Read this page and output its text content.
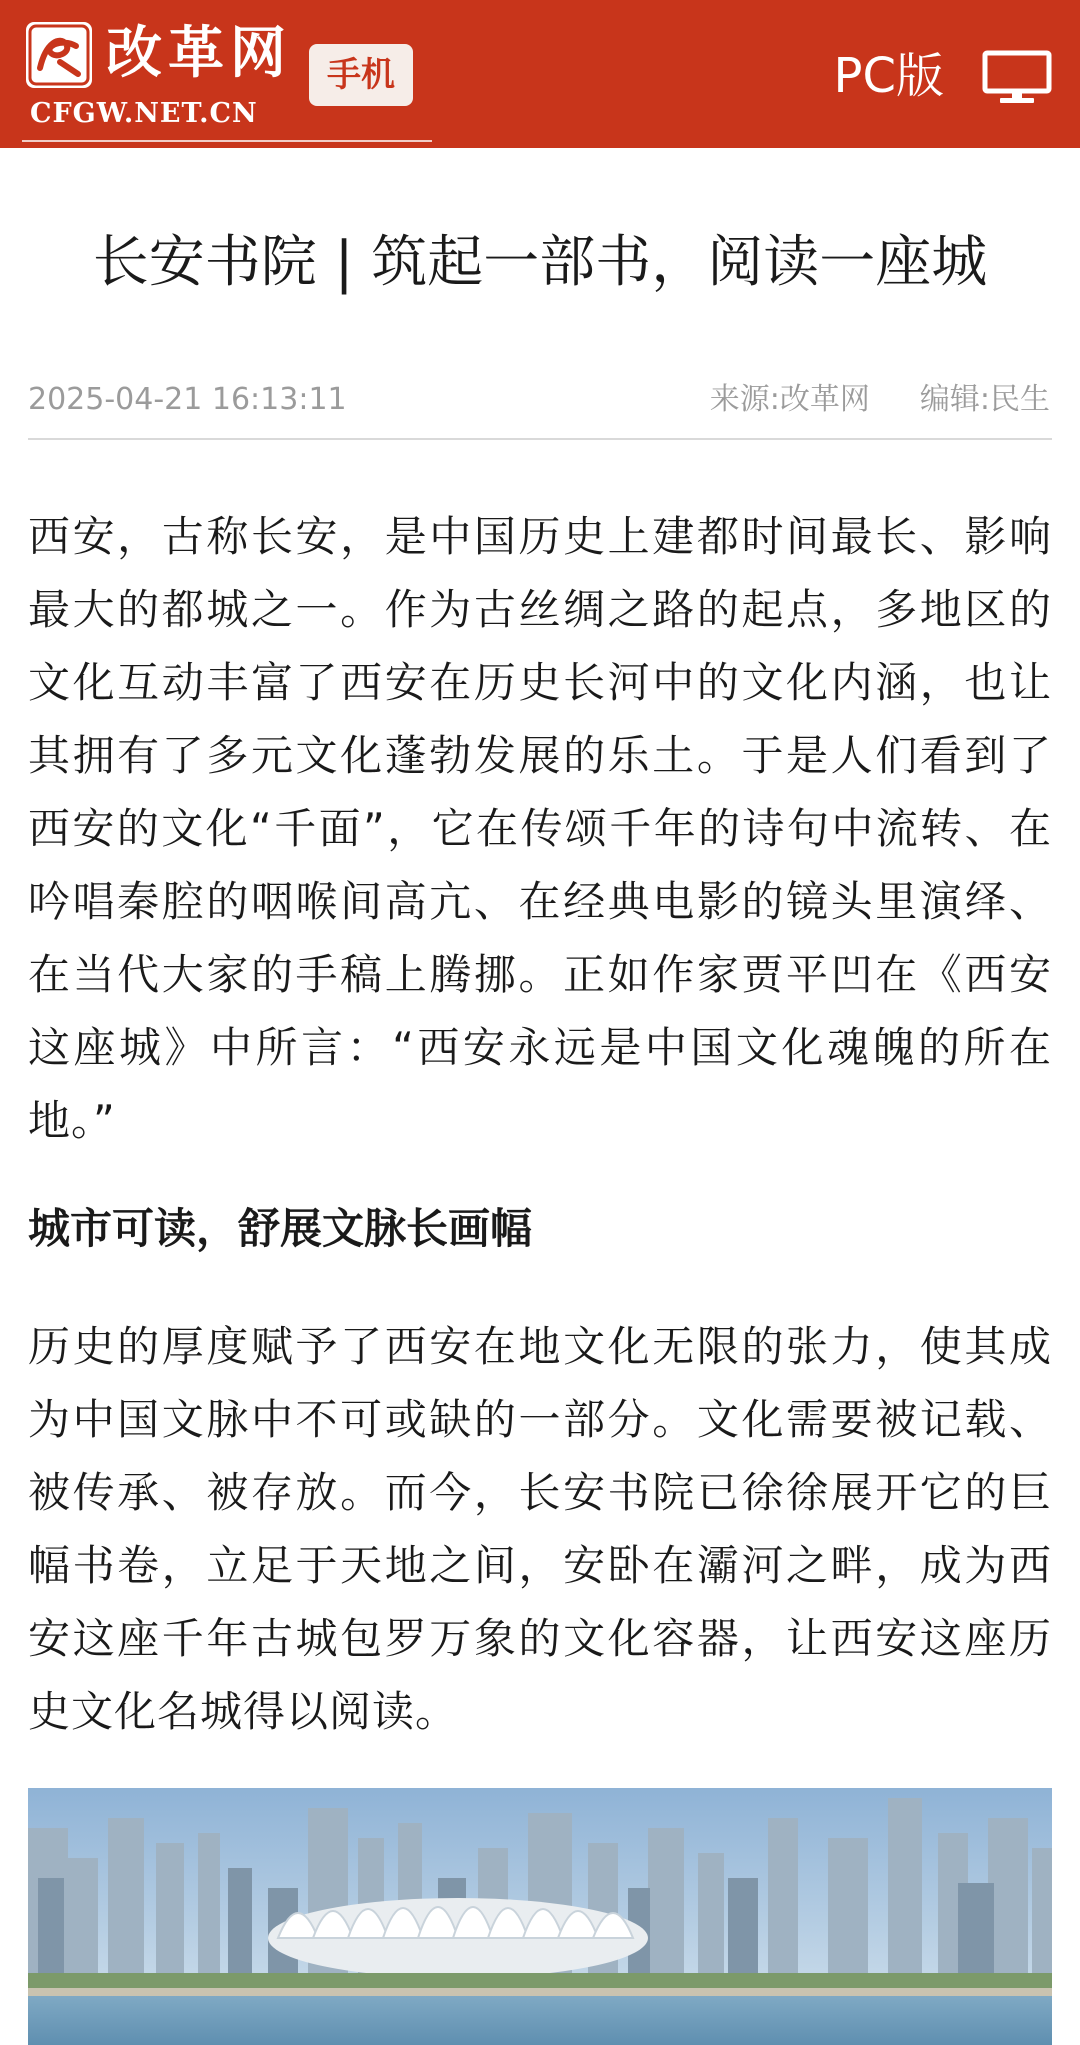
改革网
CFGW.NET.CN
手机	PC版
长安书院 | 筑起一部书，阅读一座城
2025-04-21 16:13:11	来源:改革网 编辑:民生

西安，古称长安，是中国历史上建都时间最长、影响最大的都城之一。作为古丝绸之路的起点，多地区的文化互动丰富了西安在历史长河中的文化内涵，也让其拥有了多元文化蓬勃发展的乐土。于是人们看到了西安的文化“千面”，它在传颂千年的诗句中流转、在吟唱秦腔的咽喉间高亢、在经典电影的镜头里演绎、在当代大家的手稿上腾挪。正如作家贾平凹在《西安这座城》中所言：“西安永远是中国文化魂魄的所在地。”

城市可读，舒展文脉长画幅

历史的厚度赋予了西安在地文化无限的张力，使其成为中国文脉中不可或缺的一部分。文化需要被记载、被传承、被存放。而今，长安书院已徐徐展开它的巨幅书卷，立足于天地之间，安卧在灞河之畔，成为西安这座千年古城包罗万象的文化容器，让西安这座历史文化名城得以阅读。
